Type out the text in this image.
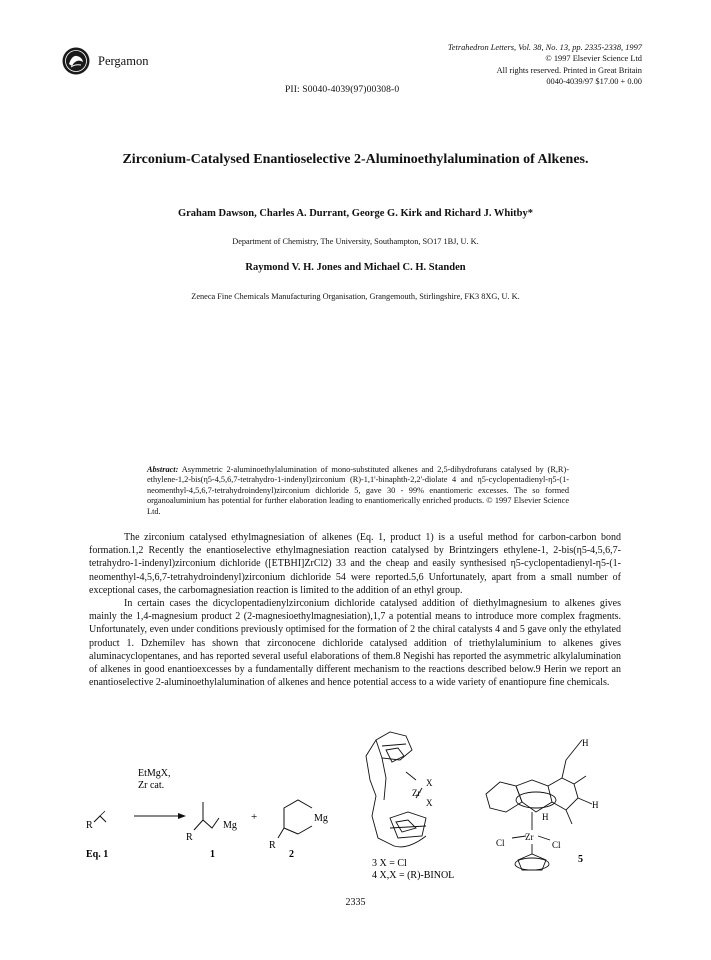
Pergamon
Tetrahedron Letters, Vol. 38, No. 13, pp. 2335-2338, 1997
© 1997 Elsevier Science Ltd
All rights reserved. Printed in Great Britain
0040-4039/97 $17.00 + 0.00
PII: S0040-4039(97)00308-0
Zirconium-Catalysed Enantioselective 2-Aluminoethylalumination of Alkenes.
Graham Dawson, Charles A. Durrant, George G. Kirk and Richard J. Whitby*
Department of Chemistry, The University, Southampton, SO17 1BJ, U. K.
Raymond V. H. Jones and Michael C. H. Standen
Zeneca Fine Chemicals Manufacturing Organisation, Grangemouth, Stirlingshire, FK3 8XG, U. K.
Abstract: Asymmetric 2-aluminoethylalumination of mono-substituted alkenes and 2,5-dihydrofurans catalysed by (R,R)-ethylene-1,2-bis(η5-4,5,6,7-tetrahydro-1-indenyl)zirconium (R)-1,1'-binaphth-2,2'-diolate 4 and η5-cyclopentadienyl-η5-(1-neomenthyl-4,5,6,7-tetrahydroindenyl)zirconium dichloride 5, gave 30 - 99% enantiomeric excesses. The so formed organoaluminium has potential for further elaboration leading to enantiomerically enriched products. © 1997 Elsevier Science Ltd.

The zirconium catalysed ethylmagnesiation of alkenes (Eq. 1, product 1) is a useful method for carbon-carbon bond formation.1,2 Recently the enantioselective ethylmagnesiation reaction catalysed by Brintzingers ethylene-1, 2-bis(η5-4,5,6,7-tetrahydro-1-indenyl)zirconium dichloride ([ETBHI]ZrCl2) 33 and the cheap and easily synthesised η5-cyclopentadienyl-η5-(1-neomenthyl-4,5,6,7-tetrahydroindenyl)zirconium dichloride 54 were reported.5,6 Unfortunately, apart from a small number of exceptional cases, the carbomagnesiation reaction is limited to the addition of an ethyl group.

In certain cases the dicyclopentadienylzirconium dichloride catalysed addition of diethylmagnesium to alkenes gives mainly the 1,4-magnesium product 2 (2-magnesioethylmagnesiation),1,7 a potential means to introduce more complex fragments. Unfortunately, even under conditions previously optimised for the formation of 2 the chiral catalysts 4 and 5 gave only the ethylated product 1. Dzhemilev has shown that zirconocene dichloride catalysed addition of triethylaluminium to alkenes gives aluminacyclopentanes, and has reported several useful elaborations of them.8 Negishi has reported the asymmetric alkylalumination of alkenes in good enantioexcesses by a fundamentally different mechanism to the reactions described below.9 Herin we report an enantioselective 2-aluminoethylalumination of alkenes and hence potential access to a wide variety of enantiopure fine chemicals.

R
EtMgX,
Zr cat.
R
Mg
+
R
Mg
Eq. 1	1	2
Zr
X
X
Zr
Cl	Cl
H
H
H
5
3 X = Cl
4 X,X = (R)-BINOL
2335
